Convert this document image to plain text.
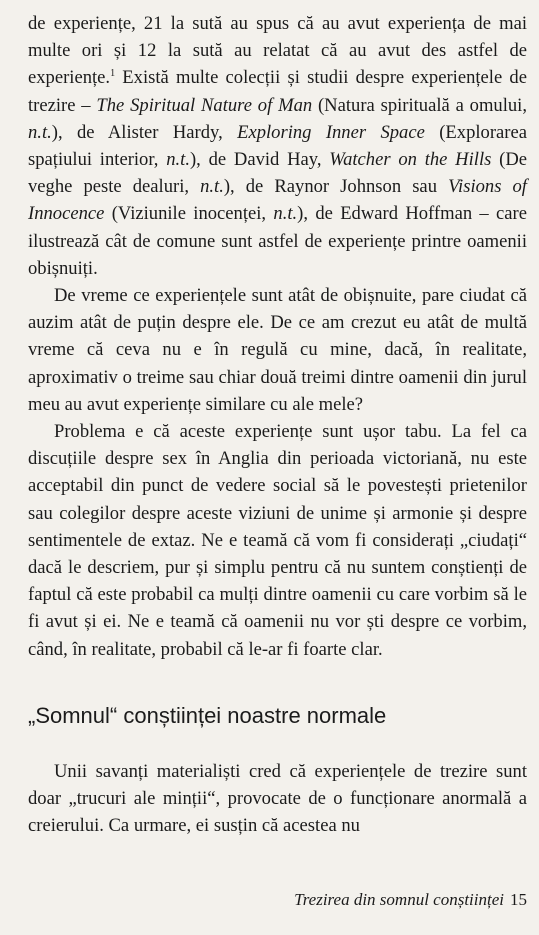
de experiențe, 21 la sută au spus că au avut experiența de mai multe ori și 12 la sută au relatat că au avut des astfel de experiențe.$^1$ Există multe colecții și studii despre experiențele de trezire – The Spiritual Nature of Man (Natura spirituală a omului, n.t.), de Alister Hardy, Exploring Inner Space (Explorarea spațiului interior, n.t.), de David Hay, Watcher on the Hills (De veghe peste dealuri, n.t.), de Raynor Johnson sau Visions of Innocence (Viziunile inocenței, n.t.), de Edward Hoffman – care ilustrează cât de comune sunt astfel de experiențe printre oamenii obișnuiți.

De vreme ce experiențele sunt atât de obișnuite, pare ciudat că auzim atât de puțin despre ele. De ce am crezut eu atât de multă vreme că ceva nu e în regulă cu mine, dacă, în realitate, aproximativ o treime sau chiar două treimi dintre oamenii din jurul meu au avut experiențe similare cu ale mele?

Problema e că aceste experiențe sunt ușor tabu. La fel ca discuțiile despre sex în Anglia din perioada victoriană, nu este acceptabil din punct de vedere social să le povestești prietenilor sau colegilor despre aceste viziuni de unime și armonie și despre sentimentele de extaz. Ne e teamă că vom fi considerați „ciudați“ dacă le descriem, pur și simplu pentru că nu suntem conștienți de faptul că este probabil ca mulți dintre oamenii cu care vorbim să le fi avut și ei. Ne e teamă că oamenii nu vor ști despre ce vorbim, când, în realitate, probabil că le-ar fi foarte clar.

„Somnul“ conștiinței noastre normale

Unii savanți materialiști cred că experiențele de trezire sunt doar „trucuri ale minții“, provocate de o funcționare anormală a creierului. Ca urmare, ei susțin că acestea nu

Trezirea din somnul conștiinței 15
